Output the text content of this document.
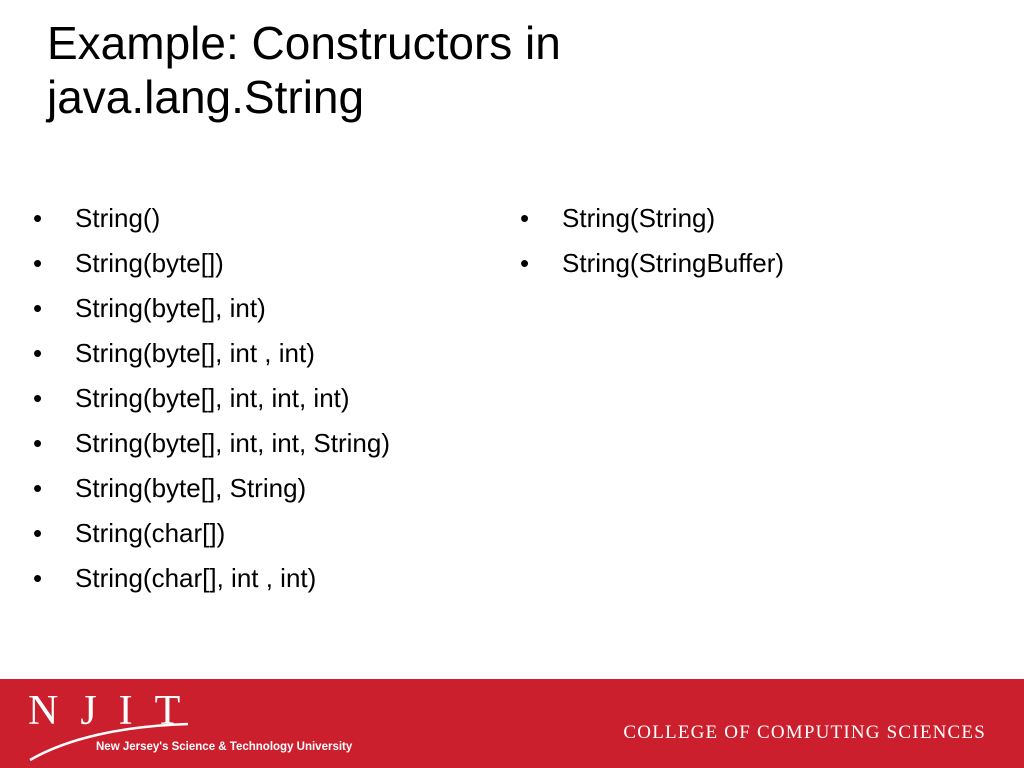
Example: Constructors in
java.lang.String
• String()
• String(byte[])
• String(byte[], int)
• String(byte[], int , int)
• String(byte[], int, int, int)
• String(byte[], int, int, String)
• String(byte[], String)
• String(char[])
• String(char[], int , int)
• String(String)
• String(StringBuffer)
NJIT
New Jersey's Science & Technology University
COLLEGE OF COMPUTING SCIENCES
